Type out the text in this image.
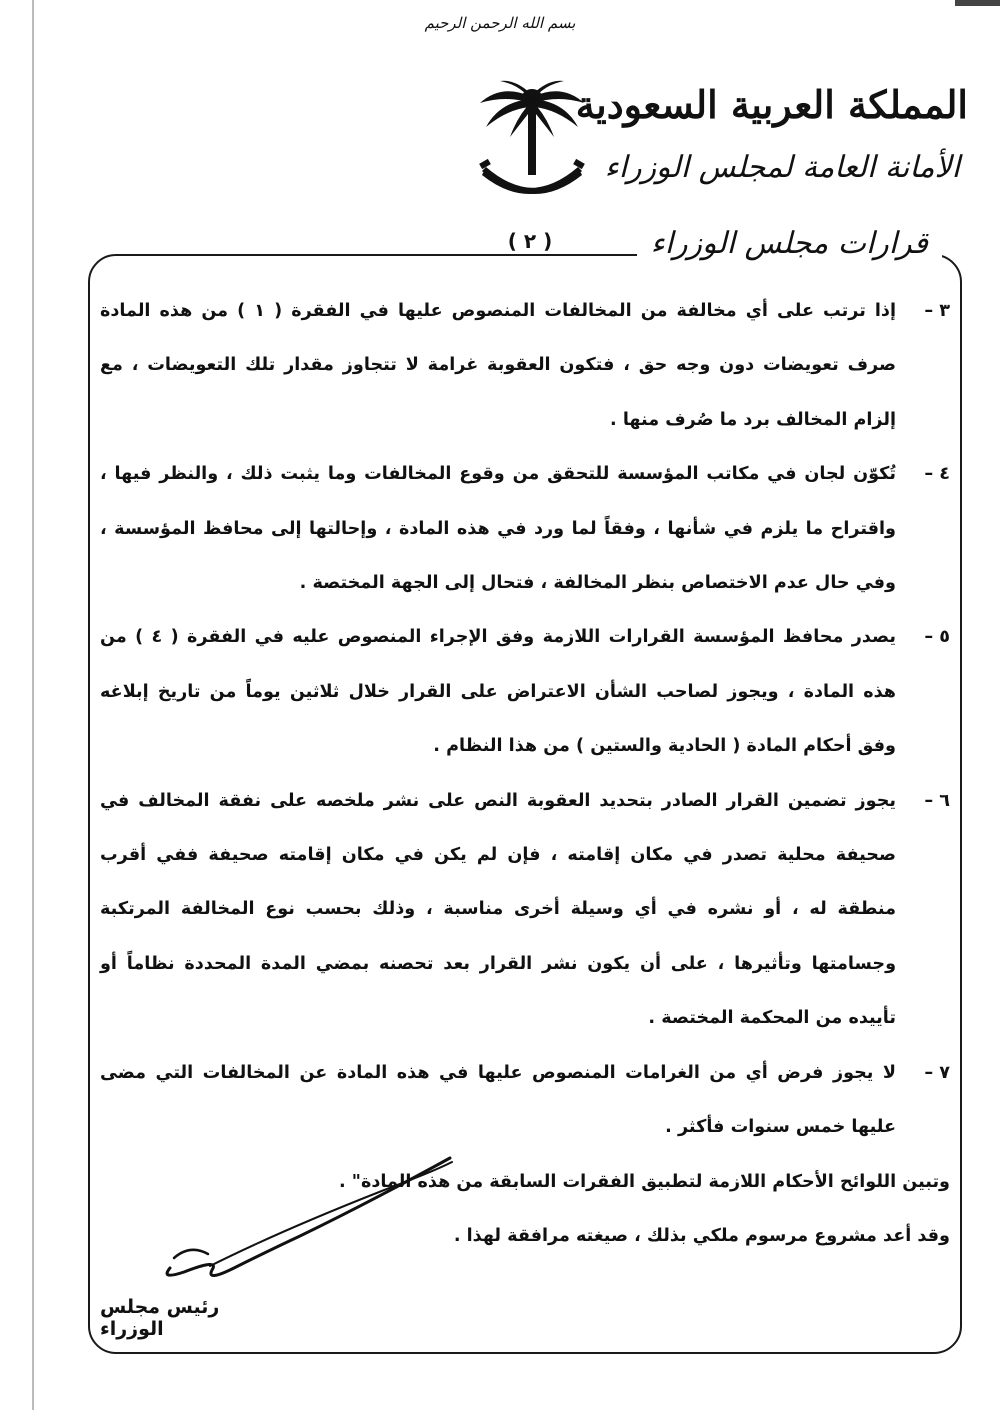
بسم الله الرحمن الرحيم
المملكة العربية السعودية
الأمانة العامة لمجلس الوزراء
( ٢ )	قرارات مجلس الوزراء

٣ –
إذا ترتب على أي مخالفة من المخالفات المنصوص عليها في الفقرة ( ١ ) من هذه المادة صرف تعويضات دون وجه حق ، فتكون العقوبة غرامة لا تتجاوز مقدار تلك التعويضات ، مع إلزام المخالف برد ما صُرف منها .

٤ –
تُكوّن لجان في مكاتب المؤسسة للتحقق من وقوع المخالفات وما يثبت ذلك ، والنظر فيها ، واقتراح ما يلزم في شأنها ، وفقاً لما ورد في هذه المادة ، وإحالتها إلى محافظ المؤسسة ، وفي حال عدم الاختصاص بنظر المخالفة ، فتحال إلى الجهة المختصة .

٥ –
يصدر محافظ المؤسسة القرارات اللازمة وفق الإجراء المنصوص عليه في الفقرة ( ٤ ) من هذه المادة ، ويجوز لصاحب الشأن الاعتراض على القرار خلال ثلاثين يوماً من تاريخ إبلاغه وفق أحكام المادة ( الحادية والستين ) من هذا النظام .

٦ –
يجوز تضمين القرار الصادر بتحديد العقوبة النص على نشر ملخصه على نفقة المخالف في صحيفة محلية تصدر في مكان إقامته ، فإن لم يكن في مكان إقامته صحيفة ففي أقرب منطقة له ، أو نشره في أي وسيلة أخرى مناسبة ، وذلك بحسب نوع المخالفة المرتكبة وجسامتها وتأثيرها ، على أن يكون نشر القرار بعد تحصنه بمضي المدة المحددة نظاماً أو تأييده من المحكمة المختصة .

٧ –
لا يجوز فرض أي من الغرامات المنصوص عليها في هذه المادة عن المخالفات التي مضى عليها خمس سنوات فأكثر .

وتبين اللوائح الأحكام اللازمة لتطبيق الفقرات السابقة من هذه المادة" .

وقد أعد مشروع مرسوم ملكي بذلك ، صيغته مرافقة لهذا .

رئيس مجلس الوزراء
